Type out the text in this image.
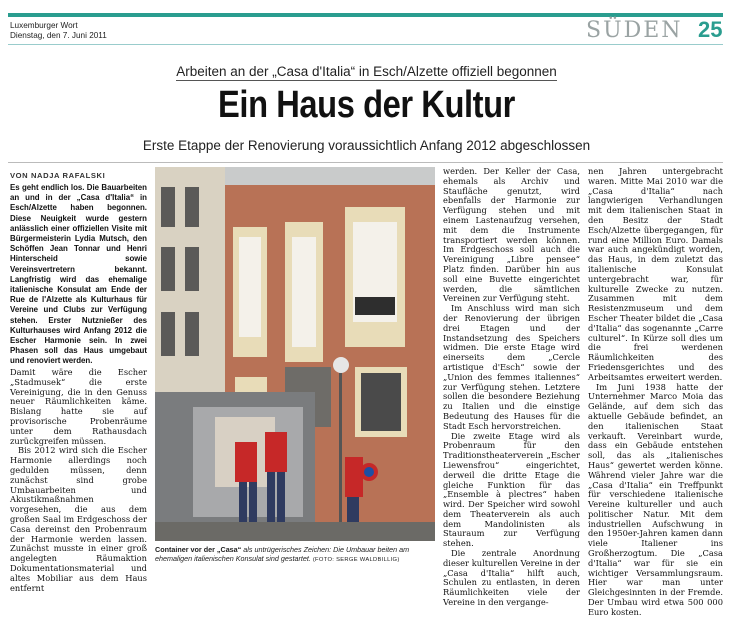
Luxemburger Wort
Dienstag, den 7. Juni 2011	SÜDEN 25
Arbeiten an der „Casa d'Italia“ in Esch/Alzette offiziell begonnen
Ein Haus der Kultur
Erste Etappe der Renovierung voraussichtlich Anfang 2012 abgeschlossen
VON NADJA RAFALSKI
Es geht endlich los. Die Bauarbeiten an und in der „Casa d'Italia“ in Esch/Alzette haben begonnen. Diese Neuigkeit wurde gestern anlässlich einer offiziellen Visite mit Bürgermeisterin Lydia Mutsch, den Schöffen Jean Tonnar und Henri Hinterscheid sowie Vereinsvertretern bekannt. Langfristig wird das ehemalige italienische Konsulat am Ende der Rue de l'Alzette als Kulturhaus für Vereine und Clubs zur Verfügung stehen. Erster Nutznießer des Kulturhauses wird Anfang 2012 die Escher Harmonie sein. In zwei Phasen soll das Haus umgebaut und renoviert werden.

Damit wäre die Escher „Stadmusek“ die erste Vereinigung, die in den Genuss neuer Räumlichkeiten käme. Bislang hatte sie auf provisorische Probenräume unter dem Rathausdach zurückgreifen müssen.

Bis 2012 wird sich die Escher Harmonie allerdings noch gedulden müssen, denn zunächst sind grobe Umbauarbeiten und Akustikmaßnahmen vorgesehen, die aus dem großen Saal im Erdgeschoss der Casa dereinst den Probenraum der Harmonie werden lassen. Zunächst musste in einer groß angelegten Räumaktion Dokumentationsmaterial und altes Mobiliar aus dem Haus entfernt

Container vor der „Casa“ als untrügerisches Zeichen: Die Umbauar beiten am ehemaligen italienischen Konsulat sind gestartet. (FOTO: SERGE WALDBILLIG)

werden. Der Keller der Casa, ehemals als Archiv und Staufläche genutzt, wird ebenfalls der Harmonie zur Verfügung stehen und mit einem Lastenaufzug versehen, mit dem die Instrumente transportiert werden können. Im Erdgeschoss soll auch die Vereinigung „Libre pensee“ Platz finden. Darüber hin aus soll eine Buvette eingerichtet werden, die sämtlichen Vereinen zur Verfügung steht.

Im Anschluss wird man sich der Renovierung der übrigen drei Etagen und der Instandsetzung des Speichers widmen. Die erste Etage wird einerseits dem „Cercle artistique d'Esch“ sowie der „Union des femmes italiennes“ zur Verfügung stehen. Letztere sollen die besondere Beziehung zu Italien und die einstige Bedeutung des Hauses für die Stadt Esch hervorstreichen.

Die zweite Etage wird als Probenraum für den Traditionstheaterverein „Escher Liewensfrou“ eingerichtet, derweil die dritte Etage die gleiche Funktion für das „Ensemble à plectres“ haben wird. Der Speicher wird sowohl dem Theaterverein als auch dem Mandolinisten als Stauraum zur Verfügung stehen.

Die zentrale Anordnung dieser kulturellen Vereine in der „Casa d'Italia“ hilft auch, Schulen zu entlasten, in deren Räumlichkeiten viele der Vereine in den vergange-

nen Jahren untergebracht waren. Mitte Mai 2010 war die „Casa d'Italia“ nach langwierigen Verhandlungen mit dem italienischen Staat in den Besitz der Stadt Esch/Alzette übergegangen, für rund eine Million Euro. Damals war auch angekündigt worden, das Haus, in dem zuletzt das italienische Konsulat untergebracht war, für kulturelle Zwecke zu nutzen. Zusammen mit dem Resistenzmuseum und dem Escher Theater bildet die „Casa d'Italia“ das sogenannte „Carre culturel“. In Kürze soll dies um die frei werdenen Räumlichkeiten des Friedensgerichtes und des Arbeitsamtes erweitert werden.

Im Juni 1938 hatte der Unternehmer Marco Moia das Gelände, auf dem sich das aktuelle Gebäude befindet, an den italienischen Staat verkauft. Vereinbart wurde, dass ein Gebäude entstehen soll, das als „italienisches Haus“ gewertet werden könne. Während vieler Jahre war die „Casa d'Italia“ ein Treffpunkt für verschiedene italienische Vereine kultureller und auch politischer Natur. Mit dem industriellen Aufschwung in den 1950er-Jahren kamen dann viele Italiener ins Großherzogtum. Die „Casa d'Italia“ war für sie ein wichtiger Versammlungsraum. Hier war man unter Gleichgesinnten in der Fremde. Der Umbau wird etwa 500 000 Euro kosten.
